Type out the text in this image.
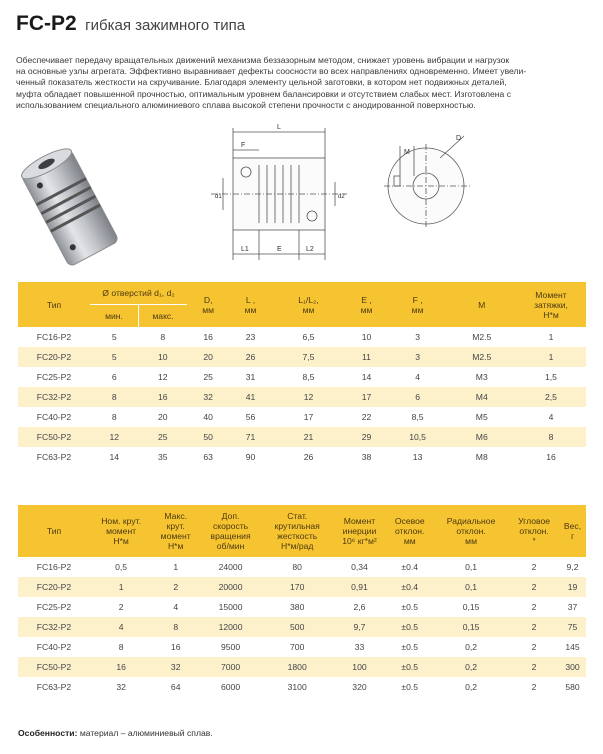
FC-P2 гибкая зажимного типа

Обеспечивает передачу вращательных движений механизма беззазорным методом, снижает уровень вибрации и нагрузок

на основные узлы агрегата. Эффективно выравнивает дефекты соосности во всех направлениях одновременно. Имеет увели-

ченный показатель жесткости на скручивание. Благодаря элементу цельной заготовки, в котором нет подвижных деталей,

муфта обладает повышенной прочностью, оптимальным уровнем балансировки и отсутствием слабых мест. Изготовлена с

использованием специального алюминиевого сплава высокой степени прочности с анодированной поверхностью.

L
F
d1	d2
L1	E	L2
M
D
Тип	Ø отверстий d₁, d₂		D,
мм	L ,
мм	L₁/L₂,
мм	E ,
мм	F ,
мм	M	Момент
затяжки,
Н*м
	мин.	макс.							
FC16-P2	5	8	16	23	6,5	10	3	M2.5	1
FC20-P2	5	10	20	26	7,5	11	3	M2.5	1
FC25-P2	6	12	25	31	8,5	14	4	M3	1,5
FC32-P2	8	16	32	41	12	17	6	M4	2,5
FC40-P2	8	20	40	56	17	22	8,5	M5	4
FC50-P2	12	25	50	71	21	29	10,5	M6	8
FC63-P2	14	35	63	90	26	38	13	M8	16
Тип	Ном. крут.
момент
Н*м	Макс.
крут.
момент
Н*м	Доп.
скорость
вращения
об/мин	Стат.
крутильная
жесткость
Н*м/рад	Момент
инерции
10⁶ кг*м²	Осевое
отклон.
мм	Радиальное
отклон.
мм	Угловое
отклон.
°	Вес,
г
FC16-P2	0,5	1	24000	80	0,34	±0.4	0,1	2	9,2
FC20-P2	1	2	20000	170	0,91	±0.4	0,1	2	19
FC25-P2	2	4	15000	380	2,6	±0.5	0,15	2	37
FC32-P2	4	8	12000	500	9,7	±0.5	0,15	2	75
FC40-P2	8	16	9500	700	33	±0.5	0,2	2	145
FC50-P2	16	32	7000	1800	100	±0.5	0,2	2	300
FC63-P2	32	64	6000	3100	320	±0.5	0,2	2	580
Особенности: материал – алюминиевый сплав.
